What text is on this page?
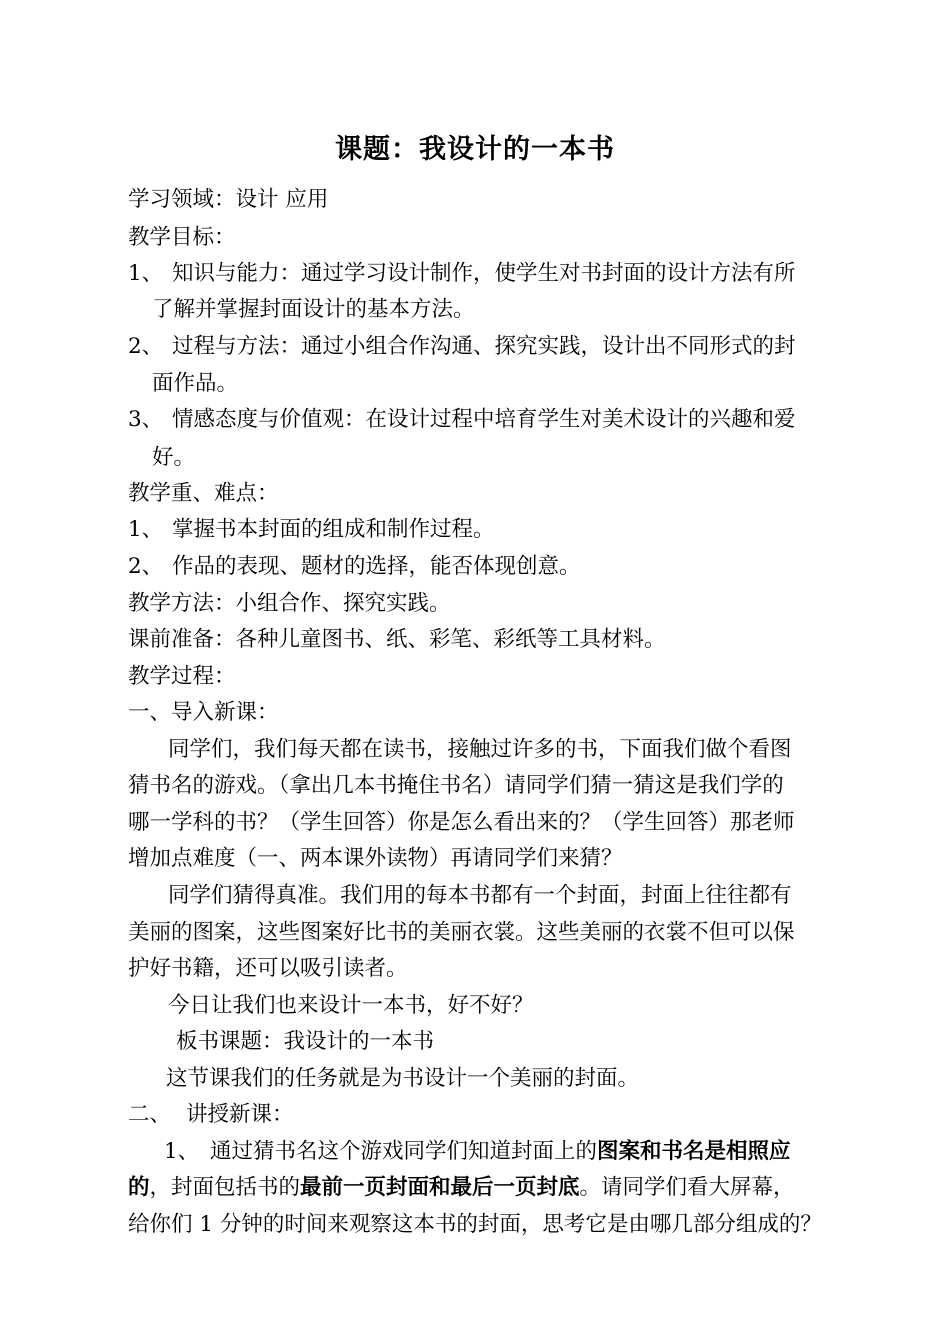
课题：我设计的一本书
学习领域：设计 应用
教学目标：
1、 知识与能力：通过学习设计制作，使学生对书封面的设计方法有所
了解并掌握封面设计的基本方法。
2、 过程与方法：通过小组合作沟通、探究实践，设计出不同形式的封
面作品。
3、 情感态度与价值观：在设计过程中培育学生对美术设计的兴趣和爱
好。
教学重、难点：
1、 掌握书本封面的组成和制作过程。
2、 作品的表现、题材的选择，能否体现创意。
教学方法：小组合作、探究实践。
课前准备：各种儿童图书、纸、彩笔、彩纸等工具材料。
教学过程：
一、导入新课：
同学们，我们每天都在读书，接触过许多的书，下面我们做个看图
猜书名的游戏。（拿出几本书掩住书名）请同学们猜一猜这是我们学的
哪一学科的书？（学生回答）你是怎么看出来的？（学生回答）那老师
增加点难度（一、两本课外读物）再请同学们来猜？
同学们猜得真准。我们用的每本书都有一个封面，封面上往往都有
美丽的图案，这些图案好比书的美丽衣裳。这些美丽的衣裳不但可以保
护好书籍，还可以吸引读者。
今日让我们也来设计一本书，好不好？
板书课题：我设计的一本书
这节课我们的任务就是为书设计一个美丽的封面。
二、 讲授新课：
1、 通过猜书名这个游戏同学们知道封面上的图案和书名是相照应
的，封面包括书的最前一页封面和最后一页封底。请同学们看大屏幕，
给你们 1 分钟的时间来观察这本书的封面，思考它是由哪几部分组成的？
